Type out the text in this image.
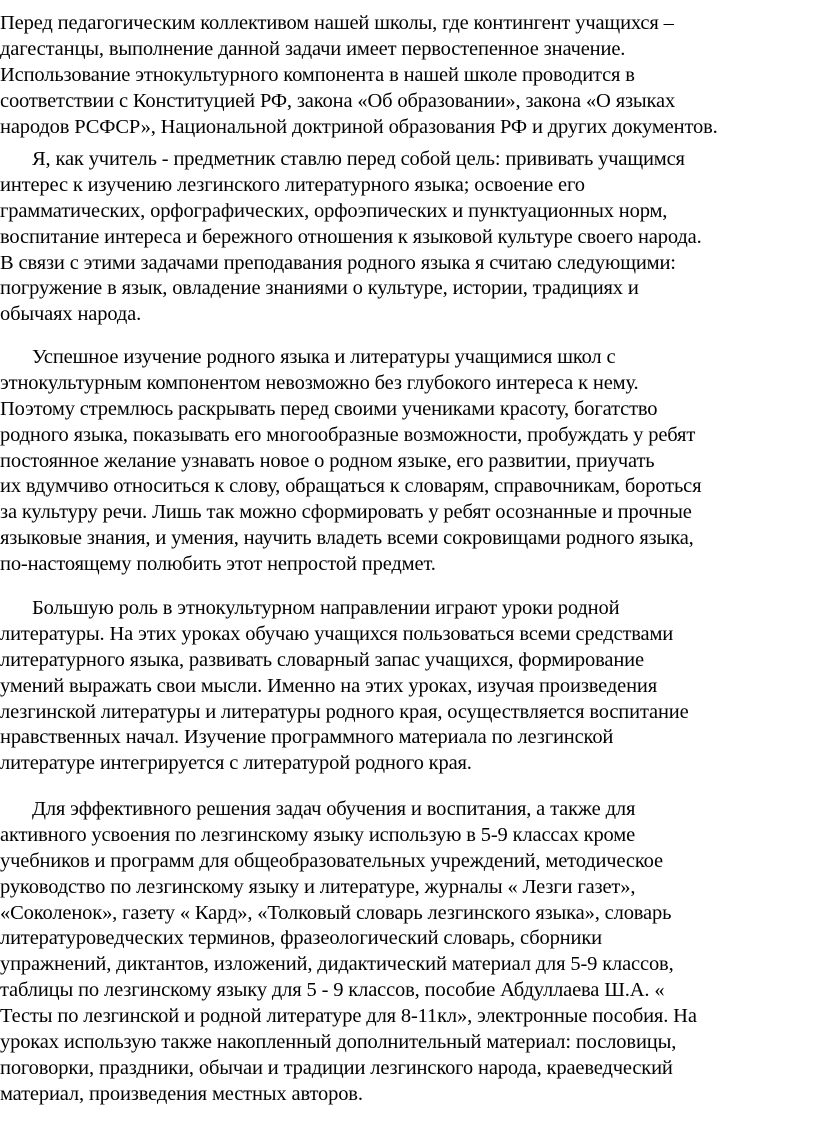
Перед педагогическим коллективом нашей школы, где контингент учащихся –
дагестанцы, выполнение данной задачи имеет первостепенное значение.
Использование этнокультурного компонента в нашей школе проводится в
соответствии с Конституцией РФ, закона «Об образовании», закона «О языках
народов РСФСР», Национальной доктриной образования РФ и других документов.
Я, как учитель - предметник ставлю перед собой цель: прививать учащимся
интерес к изучению лезгинского литературного языка; освоение его
грамматических, орфографических, орфоэпических и пунктуационных норм,
воспитание интереса и бережного отношения к языковой культуре своего народа.
В связи с этими задачами преподавания родного языка я считаю следующими:
погружение в язык, овладение знаниями о культуре, истории, традициях и
обычаях народа.
Успешное изучение родного языка и литературы учащимися школ с
этнокультурным компонентом невозможно без глубокого интереса к нему.
Поэтому стремлюсь раскрывать перед своими учениками красоту, богатство
родного языка, показывать его многообразные возможности, пробуждать у ребят
постоянное желание узнавать новое о родном языке, его развитии, приучать
их вдумчиво относиться к слову, обращаться к словарям, справочникам, бороться
за культуру речи. Лишь так можно сформировать у ребят осознанные и прочные
языковые знания, и умения, научить владеть всеми сокровищами родного языка,
по-настоящему полюбить этот непростой предмет.
Большую роль в этнокультурном направлении играют уроки родной
литературы. На этих уроках обучаю учащихся пользоваться всеми средствами
литературного языка, развивать словарный запас учащихся, формирование
умений выражать свои мысли. Именно на этих уроках, изучая произведения
лезгинской литературы и литературы родного края, осуществляется воспитание
нравственных начал. Изучение программного материала по лезгинской
литературе интегрируется с литературой родного края.
Для эффективного решения задач обучения и воспитания, а также для
активного усвоения по лезгинскому языку использую в 5-9 классах кроме
учебников и программ для общеобразовательных учреждений, методическое
руководство по лезгинскому языку и литературе, журналы « Лезги газет»,
«Соколенок», газету « Кард», «Толковый словарь лезгинского языка», словарь
литературоведческих терминов, фразеологический словарь, сборники
упражнений, диктантов, изложений, дидактический материал для 5-9 классов,
таблицы по лезгинскому языку для 5 - 9 классов, пособие Абдуллаева Ш.А. «
Тесты по лезгинской и родной литературе для 8-11кл», электронные пособия. На
уроках использую также накопленный дополнительный материал: пословицы,
поговорки, праздники, обычаи и традиции лезгинского народа, краеведческий
материал, произведения местных авторов.
